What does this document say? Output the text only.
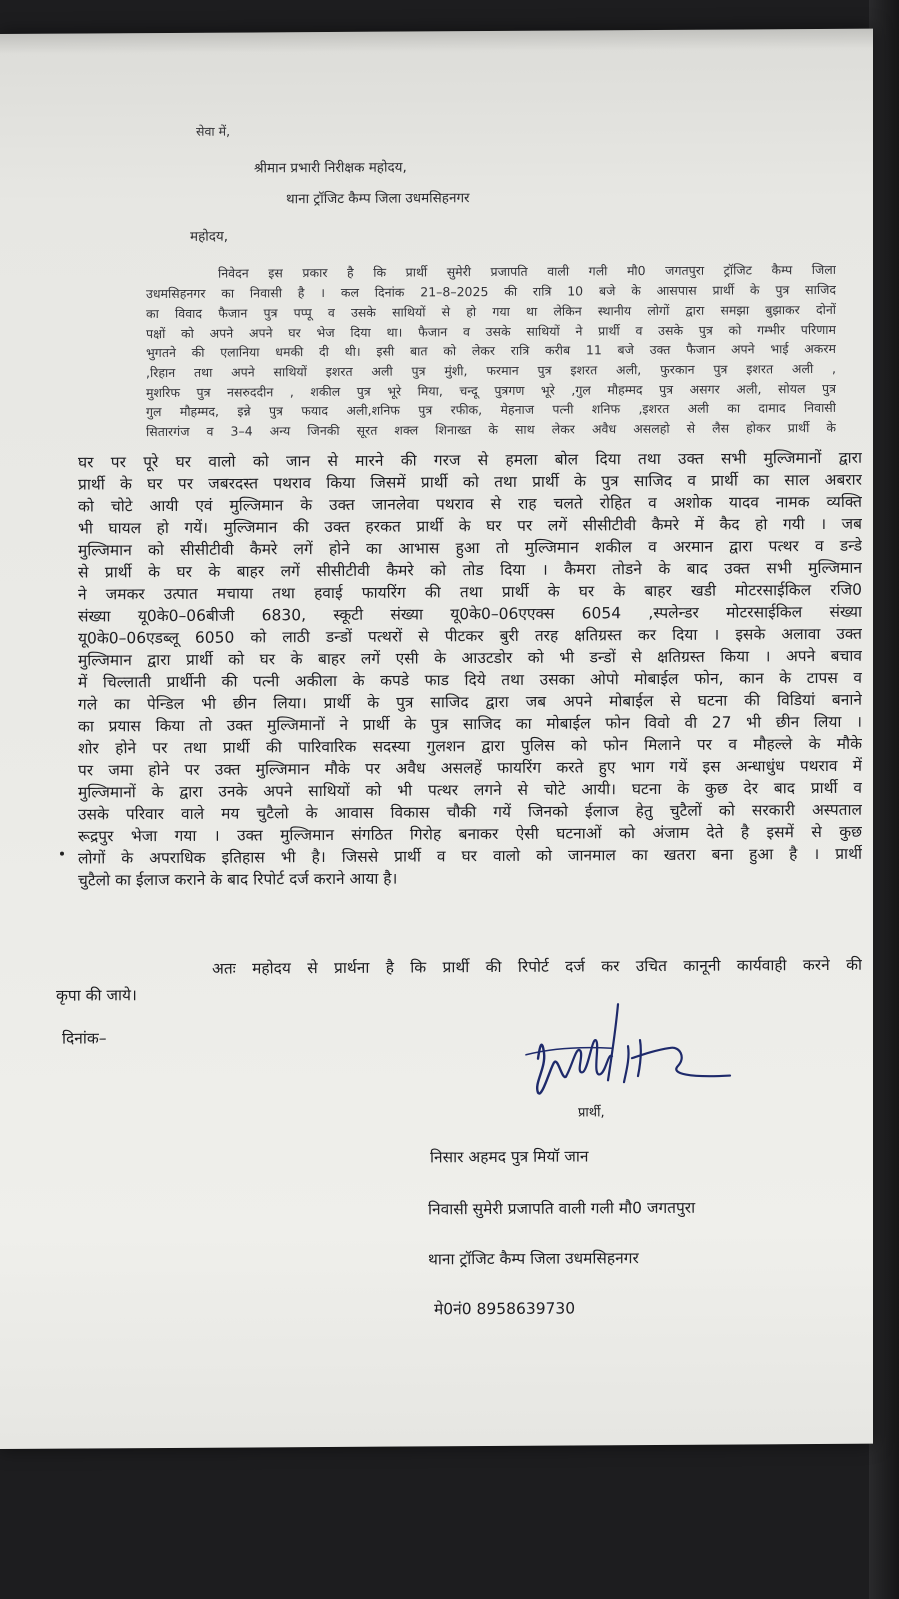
सेवा में,
श्रीमान प्रभारी निरीक्षक महोदय,
थाना ट्रॉजिट कैम्प जिला उधमसिहनगर
महोदय,
निवेदन इस प्रकार है कि प्रार्थी सुमेरी प्रजापति वाली गली मौ0 जगतपुरा ट्रॉजिट कैम्प जिला
उधमसिहनगर का निवासी है । कल दिनांक 21–8–2025 की रात्रि 10 बजे के आसपास प्रार्थी के पुत्र साजिद
का विवाद फैजान पुत्र पप्पू व उसके साथियों से हो गया था लेकिन स्थानीय लोगों द्वारा समझा बुझाकर दोनों
पक्षों को अपने अपने घर भेज दिया था। फैजान व उसके साथियों ने प्रार्थी व उसके पुत्र को गम्भीर परिणाम
भुगतने की एलानिया धमकी दी थी। इसी बात को लेकर रात्रि करीब 11 बजे उक्त फैजान अपने भाई अकरम
,रिहान तथा अपने साथियों इशरत अली पुत्र मुंशी, फरमान पुत्र इशरत अली, फुरकान पुत्र इशरत अली ,
मुशरिफ पुत्र नसरुददीन , शकील पुत्र भूरे मिया, चन्दू पुत्रगण भूरे ,गुल मौहम्मद पुत्र असगर अली, सोयल पुत्र
गुल मौहम्मद, इन्ने पुत्र फयाद अली,शनिफ पुत्र रफीक, मेहनाज पत्नी शनिफ ,इशरत अली का दामाद निवासी
सितारगंज व 3–4 अन्य जिनकी सूरत शक्ल शिनाख्त के साथ लेकर अवैध असलहो से लैस होकर प्रार्थी के
घर पर पूरे घर वालो को जान से मारने की गरज से हमला बोल दिया तथा उक्त सभी मुल्जिमानों द्वारा
प्रार्थी के घर पर जबरदस्त पथराव किया जिसमें प्रार्थी को तथा प्रार्थी के पुत्र साजिद व प्रार्थी का साल अबरार
को चोटे आयी एवं मुल्जिमान के उक्त जानलेवा पथराव से राह चलते रोहित व अशोक यादव नामक व्यक्ति
भी घायल हो गयें। मुल्जिमान की उक्त हरकत प्रार्थी के घर पर लगें सीसीटीवी कैमरे में कैद हो गयी । जब
मुल्जिमान को सीसीटीवी कैमरे लगें होने का आभास हुआ तो मुल्जिमान शकील व अरमान द्वारा पत्थर व डन्डे
से प्रार्थी के घर के बाहर लगें सीसीटीवी कैमरे को तोड दिया । कैमरा तोडने के बाद उक्त सभी मुल्जिमान
ने जमकर उत्पात मचाया तथा हवाई फायरिंग की तथा प्रार्थी के घर के बाहर खडी मोटरसाईकिल रजि0
संख्या यू0के0–06बीजी 6830, स्कूटी संख्या यू0के0–06एएक्स 6054 ,स्पलेन्डर मोटरसाईकिल संख्या
यू0के0–06एडब्लू 6050 को लाठी डन्डों पत्थरों से पीटकर बुरी तरह क्षतिग्रस्त कर दिया । इसके अलावा उक्त
मुल्जिमान द्वारा प्रार्थी को घर के बाहर लगें एसी के आउटडोर को भी डन्डों से क्षतिग्रस्त किया । अपने बचाव
में चिल्लाती प्रार्थीनी की पत्नी अकीला के कपडे फाड दिये तथा उसका ओपो मोबाईल फोन, कान के टापस व
गले का पेन्डिल भी छीन लिया। प्रार्थी के पुत्र साजिद द्वारा जब अपने मोबाईल से घटना की विडियां बनाने
का प्रयास किया तो उक्त मुल्जिमानों ने प्रार्थी के पुत्र साजिद का मोबाईल फोन विवो वी 27 भी छीन लिया ।
शोर होने पर तथा प्रार्थी की पारिवारिक सदस्या गुलशन द्वारा पुलिस को फोन मिलाने पर व मौहल्ले के मौके
पर जमा होने पर उक्त मुल्जिमान मौके पर अवैध असलहें फायरिंग करते हुए भाग गयें इस अन्धाधुंध पथराव में
मुल्जिमानों के द्वारा उनके अपने साथियों को भी पत्थर लगने से चोटे आयी। घटना के कुछ देर बाद प्रार्थी व
उसके परिवार वाले मय चुटैलो के आवास विकास चौकी गयें जिनको ईलाज हेतु चुटैलों को सरकारी अस्पताल
रूद्रपुर भेजा गया । उक्त मुल्जिमान संगठित गिरोह बनाकर ऐसी घटनाओं को अंजाम देते है इसमें से कुछ
लोगों के अपराधिक इतिहास भी है। जिससे प्रार्थी व घर वालो को जानमाल का खतरा बना हुआ है । प्रार्थी
चुटैलो का ईलाज कराने के बाद रिपोर्ट दर्ज कराने आया है।
अतः महोदय से प्रार्थना है कि प्रार्थी की रिपोर्ट दर्ज कर उचित कानूनी कार्यवाही करने की
कृपा की जाये।
दिनांक–
प्रार्थी,
निसार अहमद पुत्र मियॉ जान
निवासी सुमेरी प्रजापति वाली गली मौ0 जगतपुरा
थाना ट्रॉजिट कैम्प जिला उधमसिहनगर
मे0नं0 8958639730
